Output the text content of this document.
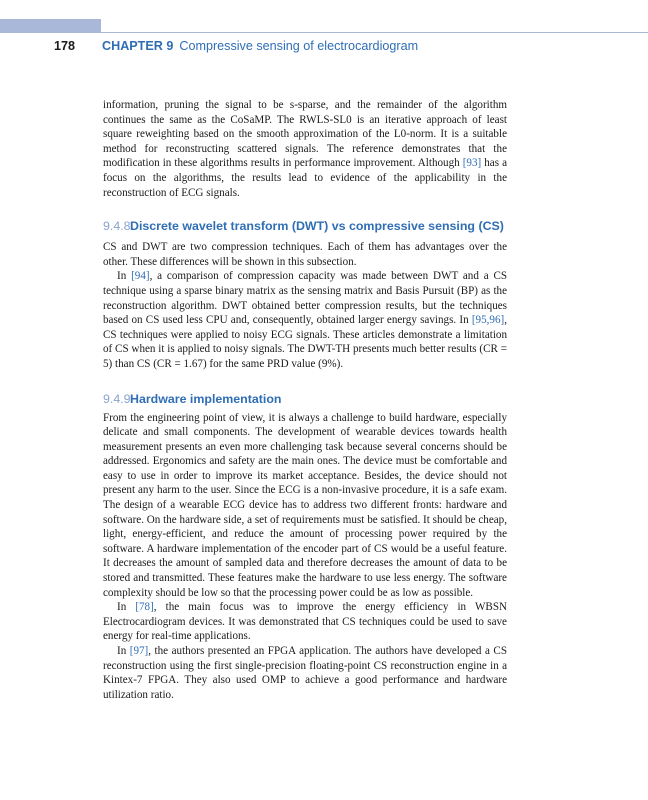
178 CHAPTER 9 Compressive sensing of electrocardiogram

information, pruning the signal to be s-sparse, and the remainder of the algorithm continues the same as the CoSaMP. The RWLS-SL0 is an iterative approach of least square reweighting based on the smooth approximation of the L0-norm. It is a suitable method for reconstructing scattered signals. The reference demonstrates that the modification in these algorithms results in performance improvement. Although [93] has a focus on the algorithms, the results lead to evidence of the applicability in the reconstruction of ECG signals.

9.4.8 Discrete wavelet transform (DWT) vs compressive sensing (CS)

CS and DWT are two compression techniques. Each of them has advantages over the other. These differences will be shown in this subsection.

In [94], a comparison of compression capacity was made between DWT and a CS technique using a sparse binary matrix as the sensing matrix and Basis Pursuit (BP) as the reconstruction algorithm. DWT obtained better compression results, but the techniques based on CS used less CPU and, consequently, obtained larger energy savings. In [95,96], CS techniques were applied to noisy ECG signals. These articles demonstrate a limitation of CS when it is applied to noisy signals. The DWT-TH presents much better results (CR = 5) than CS (CR = 1.67) for the same PRD value (9%).

9.4.9 Hardware implementation

From the engineering point of view, it is always a challenge to build hardware, especially delicate and small components. The development of wearable devices towards health measurement presents an even more challenging task because several concerns should be addressed. Ergonomics and safety are the main ones. The device must be comfortable and easy to use in order to improve its market acceptance. Besides, the device should not present any harm to the user. Since the ECG is a non-invasive procedure, it is a safe exam. The design of a wearable ECG device has to address two different fronts: hardware and software. On the hardware side, a set of requirements must be satisfied. It should be cheap, light, energy-efficient, and reduce the amount of processing power required by the software. A hardware implementation of the encoder part of CS would be a useful feature. It decreases the amount of sampled data and therefore decreases the amount of data to be stored and transmitted. These features make the hardware to use less energy. The software complexity should be low so that the processing power could be as low as possible.

In [78], the main focus was to improve the energy efficiency in WBSN Electrocardiogram devices. It was demonstrated that CS techniques could be used to save energy for real-time applications.

In [97], the authors presented an FPGA application. The authors have developed a CS reconstruction using the first single-precision floating-point CS reconstruction engine in a Kintex-7 FPGA. They also used OMP to achieve a good performance and hardware utilization ratio.
